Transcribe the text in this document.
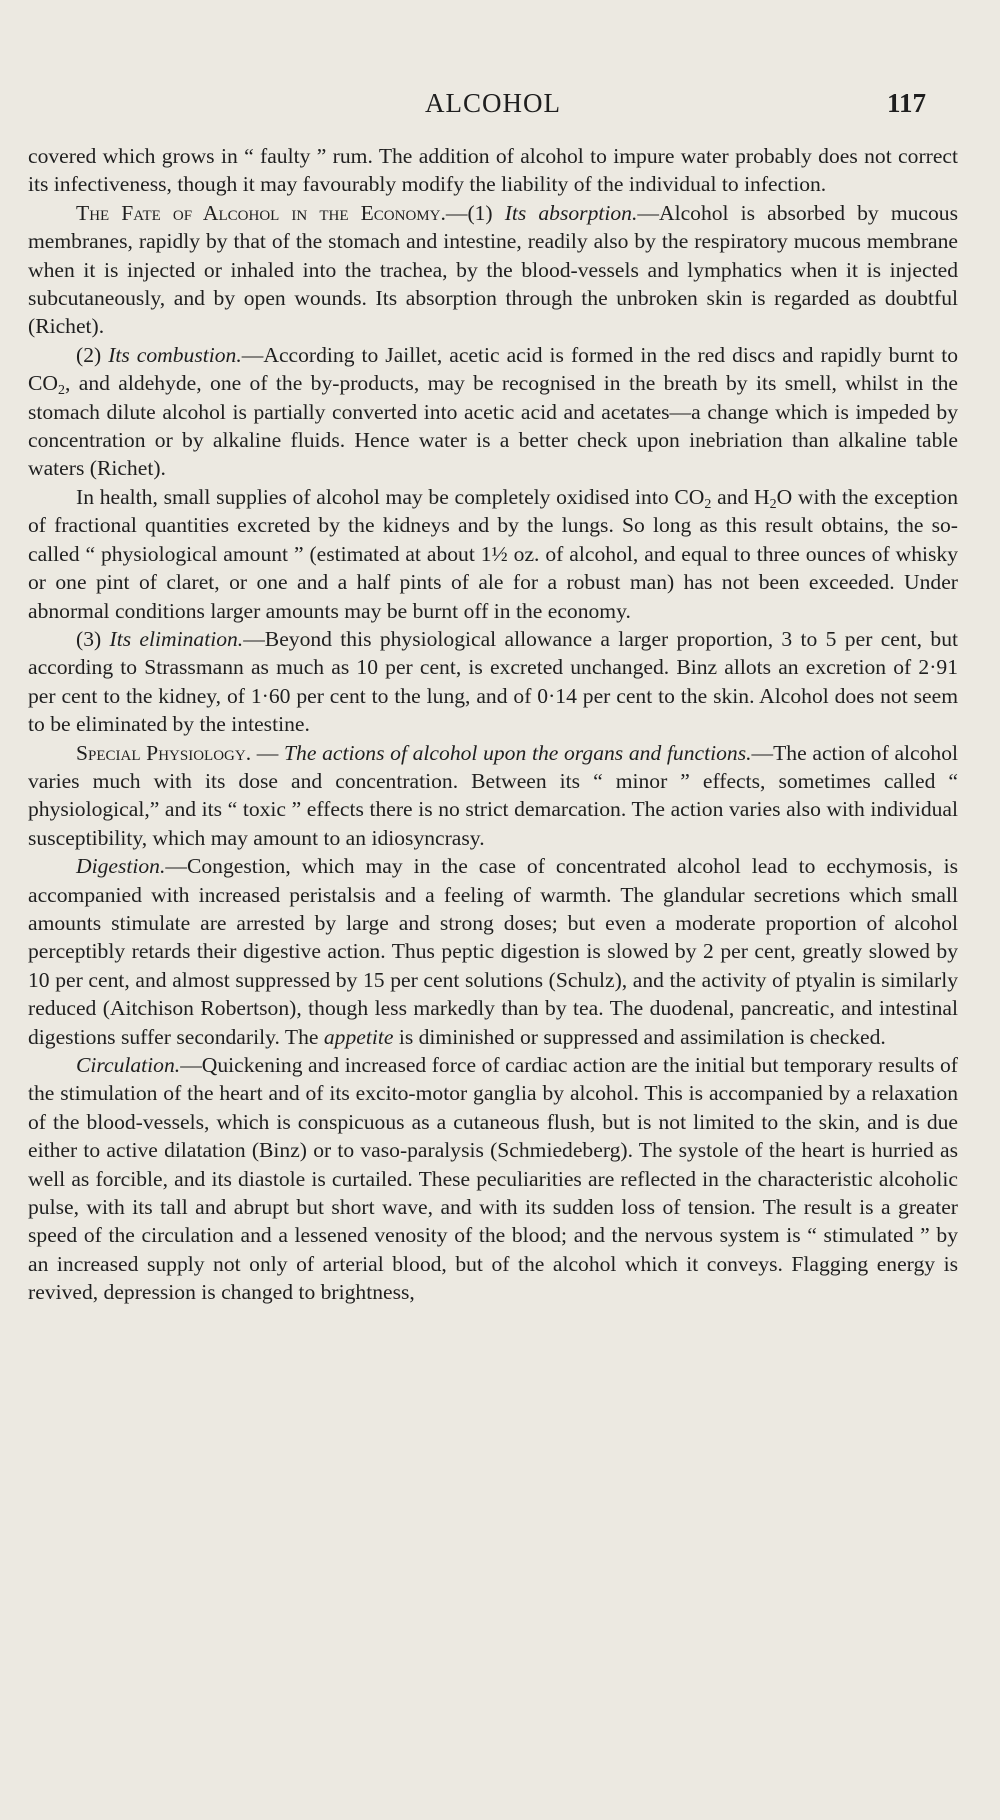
ALCOHOL	117

covered which grows in “ faulty ” rum. The addition of alcohol to impure water probably does not correct its infectiveness, though it may favourably modify the liability of the individual to infection.

The Fate of Alcohol in the Economy.—(1) Its absorption.—Alcohol is absorbed by mucous membranes, rapidly by that of the stomach and intestine, readily also by the respiratory mucous membrane when it is injected or inhaled into the trachea, by the blood-vessels and lymphatics when it is injected subcutaneously, and by open wounds. Its absorption through the unbroken skin is regarded as doubtful (Richet).

(2) Its combustion.—According to Jaillet, acetic acid is formed in the red discs and rapidly burnt to $CO_2$, and aldehyde, one of the by-products, may be recognised in the breath by its smell, whilst in the stomach dilute alcohol is partially converted into acetic acid and acetates—a change which is impeded by concentration or by alkaline fluids. Hence water is a better check upon inebriation than alkaline table waters (Richet).

In health, small supplies of alcohol may be completely oxidised into $CO_2$ and $H_2O$ with the exception of fractional quantities excreted by the kidneys and by the lungs. So long as this result obtains, the so-called “ physiological amount ” (estimated at about 1½ oz. of alcohol, and equal to three ounces of whisky or one pint of claret, or one and a half pints of ale for a robust man) has not been exceeded. Under abnormal conditions larger amounts may be burnt off in the economy.

(3) Its elimination.—Beyond this physiological allowance a larger proportion, 3 to 5 per cent, but according to Strassmann as much as 10 per cent, is excreted unchanged. Binz allots an excretion of 2·91 per cent to the kidney, of 1·60 per cent to the lung, and of 0·14 per cent to the skin. Alcohol does not seem to be eliminated by the intestine.

Special Physiology. — The actions of alcohol upon the organs and functions.—The action of alcohol varies much with its dose and concentration. Between its “ minor ” effects, sometimes called “ physiological,” and its “ toxic ” effects there is no strict demarcation. The action varies also with individual susceptibility, which may amount to an idiosyncrasy.

Digestion.—Congestion, which may in the case of concentrated alcohol lead to ecchymosis, is accompanied with increased peristalsis and a feeling of warmth. The glandular secretions which small amounts stimulate are arrested by large and strong doses; but even a moderate proportion of alcohol perceptibly retards their digestive action. Thus peptic digestion is slowed by 2 per cent, greatly slowed by 10 per cent, and almost suppressed by 15 per cent solutions (Schulz), and the activity of ptyalin is similarly reduced (Aitchison Robertson), though less markedly than by tea. The duodenal, pancreatic, and intestinal digestions suffer secondarily. The appetite is diminished or suppressed and assimilation is checked.

Circulation.—Quickening and increased force of cardiac action are the initial but temporary results of the stimulation of the heart and of its excito-motor ganglia by alcohol. This is accompanied by a relaxation of the blood-vessels, which is conspicuous as a cutaneous flush, but is not limited to the skin, and is due either to active dilatation (Binz) or to vaso-paralysis (Schmiedeberg). The systole of the heart is hurried as well as forcible, and its diastole is curtailed. These peculiarities are reflected in the characteristic alcoholic pulse, with its tall and abrupt but short wave, and with its sudden loss of tension. The result is a greater speed of the circulation and a lessened venosity of the blood; and the nervous system is “ stimulated ” by an increased supply not only of arterial blood, but of the alcohol which it conveys. Flagging energy is revived, depression is changed to brightness,
